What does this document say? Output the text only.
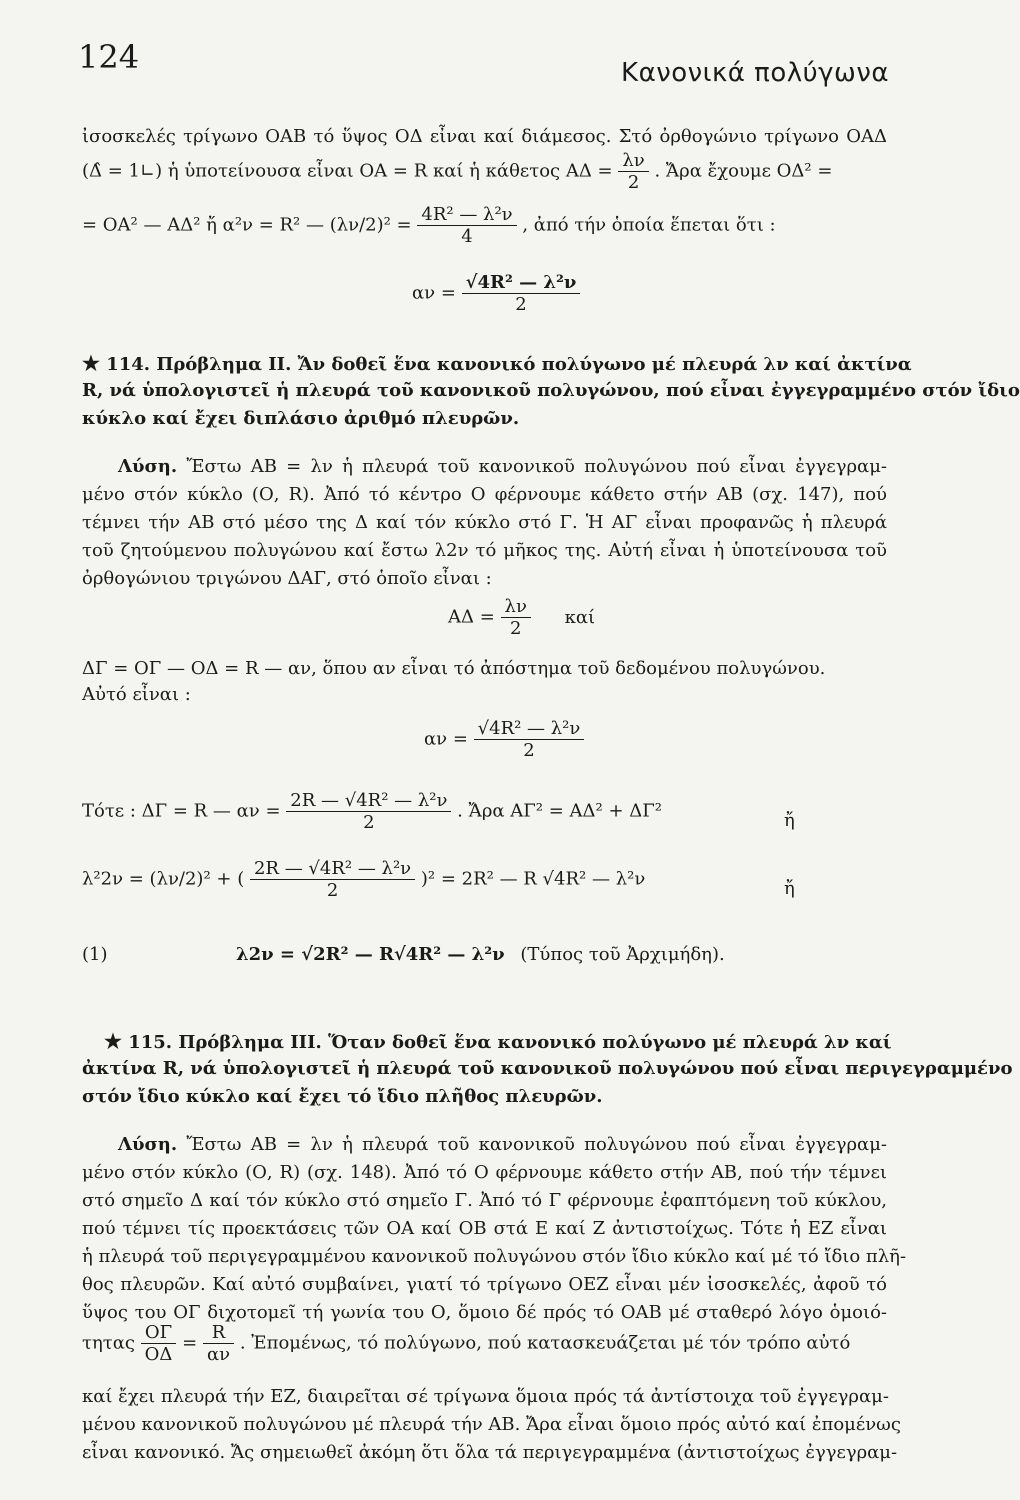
124	Κανονικά πολύγωνα
ἰσοσκελές τρίγωνο ΟΑΒ τό ὕψος ΟΔ εἶναι καί διάμεσος. Στό ὀρθογώνιο τρίγωνο ΟΑΔ
(Δ̂ = 1∟) ἡ ὑποτείνουσα εἶναι ΟΑ = R καί ἡ κάθετος $A\Delta = \frac{\lambda\nu}{2}$ . Ἄρα ἔχουμε ΟΔ² =
= ΟΑ² — ΑΔ² ἤ α²ν = R² — $(\lambda\nu/2)^2 = \frac{\text{4R² — λ²ν}}{4}$ , ἀπό τήν ὁποία ἕπεται ὅτι :
$\alpha\nu = \frac{\text{√4R² — λ²ν}}{2}$
★ 114. Πρόβλημα ΙΙ. Ἄν δοθεῖ ἕνα κανονικό πολύγωνο μέ πλευρά λν καί ἀκτίνα
R, νά ὑπολογιστεῖ ἡ πλευρά τοῦ κανονικοῦ πολυγώνου, πού εἶναι ἐγγεγραμμένο στόν ἴδιο
κύκλο καί ἔχει διπλάσιο ἀριθμό πλευρῶν.
Λύση. Ἔστω ΑΒ = λν ἡ πλευρά τοῦ κανονικοῦ πολυγώνου πού εἶναι ἐγγεγραμ-
μένο στόν κύκλο (Ο, R). Ἀπό τό κέντρο Ο φέρνουμε κάθετο στήν ΑΒ (σχ. 147), πού
τέμνει τήν ΑΒ στό μέσο της Δ καί τόν κύκλο στό Γ. Ἡ ΑΓ εἶναι προφανῶς ἡ πλευρά
τοῦ ζητούμενου πολυγώνου καί ἔστω λ2ν τό μῆκος της. Αὐτή εἶναι ἡ ὑποτείνουσα τοῦ
ὀρθογώνιου τριγώνου ΔΑΓ, στό ὁποῖο εἶναι :
$A\Delta = \frac{\lambda\nu}{2}$ καί
ΔΓ = ΟΓ — ΟΔ = R — αν, ὅπου αν εἶναι τό ἀπόστημα τοῦ δεδομένου πολυγώνου.
Αὐτό εἶναι :
$\alpha\nu = \frac{\text{√4R² — λ²ν}}{2}$
Τότε : ΔΓ = R — $\alpha\nu = \frac{\text{2R — √4R² — λ²ν}}{2}$ . Ἄρα ΑΓ² = ΑΔ² + ΔΓ²	ἤ
λ²2ν = (λν/2)² + ( $\frac{\text{2R — √4R² — λ²ν}}{2} )^2 = 2R^2$ — R √4R² — λ²ν	ἤ
(1)	λ2ν = √2R² — R√4R² — λ²ν (Τύπος τοῦ Ἀρχιμήδη).
★ 115. Πρόβλημα ΙΙΙ. Ὅταν δοθεῖ ἕνα κανονικό πολύγωνο μέ πλευρά λν καί
ἀκτίνα R, νά ὑπολογιστεῖ ἡ πλευρά τοῦ κανονικοῦ πολυγώνου πού εἶναι περιγεγραμμένο
στόν ἴδιο κύκλο καί ἔχει τό ἴδιο πλῆθος πλευρῶν.
Λύση. Ἔστω ΑΒ = λν ἡ πλευρά τοῦ κανονικοῦ πολυγώνου πού εἶναι ἐγγεγραμ-
μένο στόν κύκλο (Ο, R) (σχ. 148). Ἀπό τό Ο φέρνουμε κάθετο στήν ΑΒ, πού τήν τέμνει
στό σημεῖο Δ καί τόν κύκλο στό σημεῖο Γ. Ἀπό τό Γ φέρνουμε ἐφαπτόμενη τοῦ κύκλου,
πού τέμνει τίς προεκτάσεις τῶν ΟΑ καί ΟΒ στά Ε καί Ζ ἀντιστοίχως. Τότε ἡ ΕΖ εἶναι
ἡ πλευρά τοῦ περιγεγραμμένου κανονικοῦ πολυγώνου στόν ἴδιο κύκλο καί μέ τό ἴδιο πλῆ-
θος πλευρῶν. Καί αὐτό συμβαίνει, γιατί τό τρίγωνο ΟΕΖ εἶναι μέν ἰσοσκελές, ἀφοῦ τό
ὕψος του ΟΓ διχοτομεῖ τή γωνία του Ο, ὅμοιο δέ πρός τό ΟΑΒ μέ σταθερό λόγο ὁμοιό-
τητας $\frac{O\Gamma}{O\Delta} = \frac{R}{\alpha\nu}$ . Ἐπομένως, τό πολύγωνο, πού κατασκευάζεται μέ τόν τρόπο αὐτό
καί ἔχει πλευρά τήν ΕΖ, διαιρεῖται σέ τρίγωνα ὅμοια πρός τά ἀντίστοιχα τοῦ ἐγγεγραμ-
μένου κανονικοῦ πολυγώνου μέ πλευρά τήν ΑΒ. Ἄρα εἶναι ὅμοιο πρός αὐτό καί ἐπομένως
εἶναι κανονικό. Ἄς σημειωθεῖ ἀκόμη ὅτι ὅλα τά περιγεγραμμένα (ἀντιστοίχως ἐγγεγραμ-
